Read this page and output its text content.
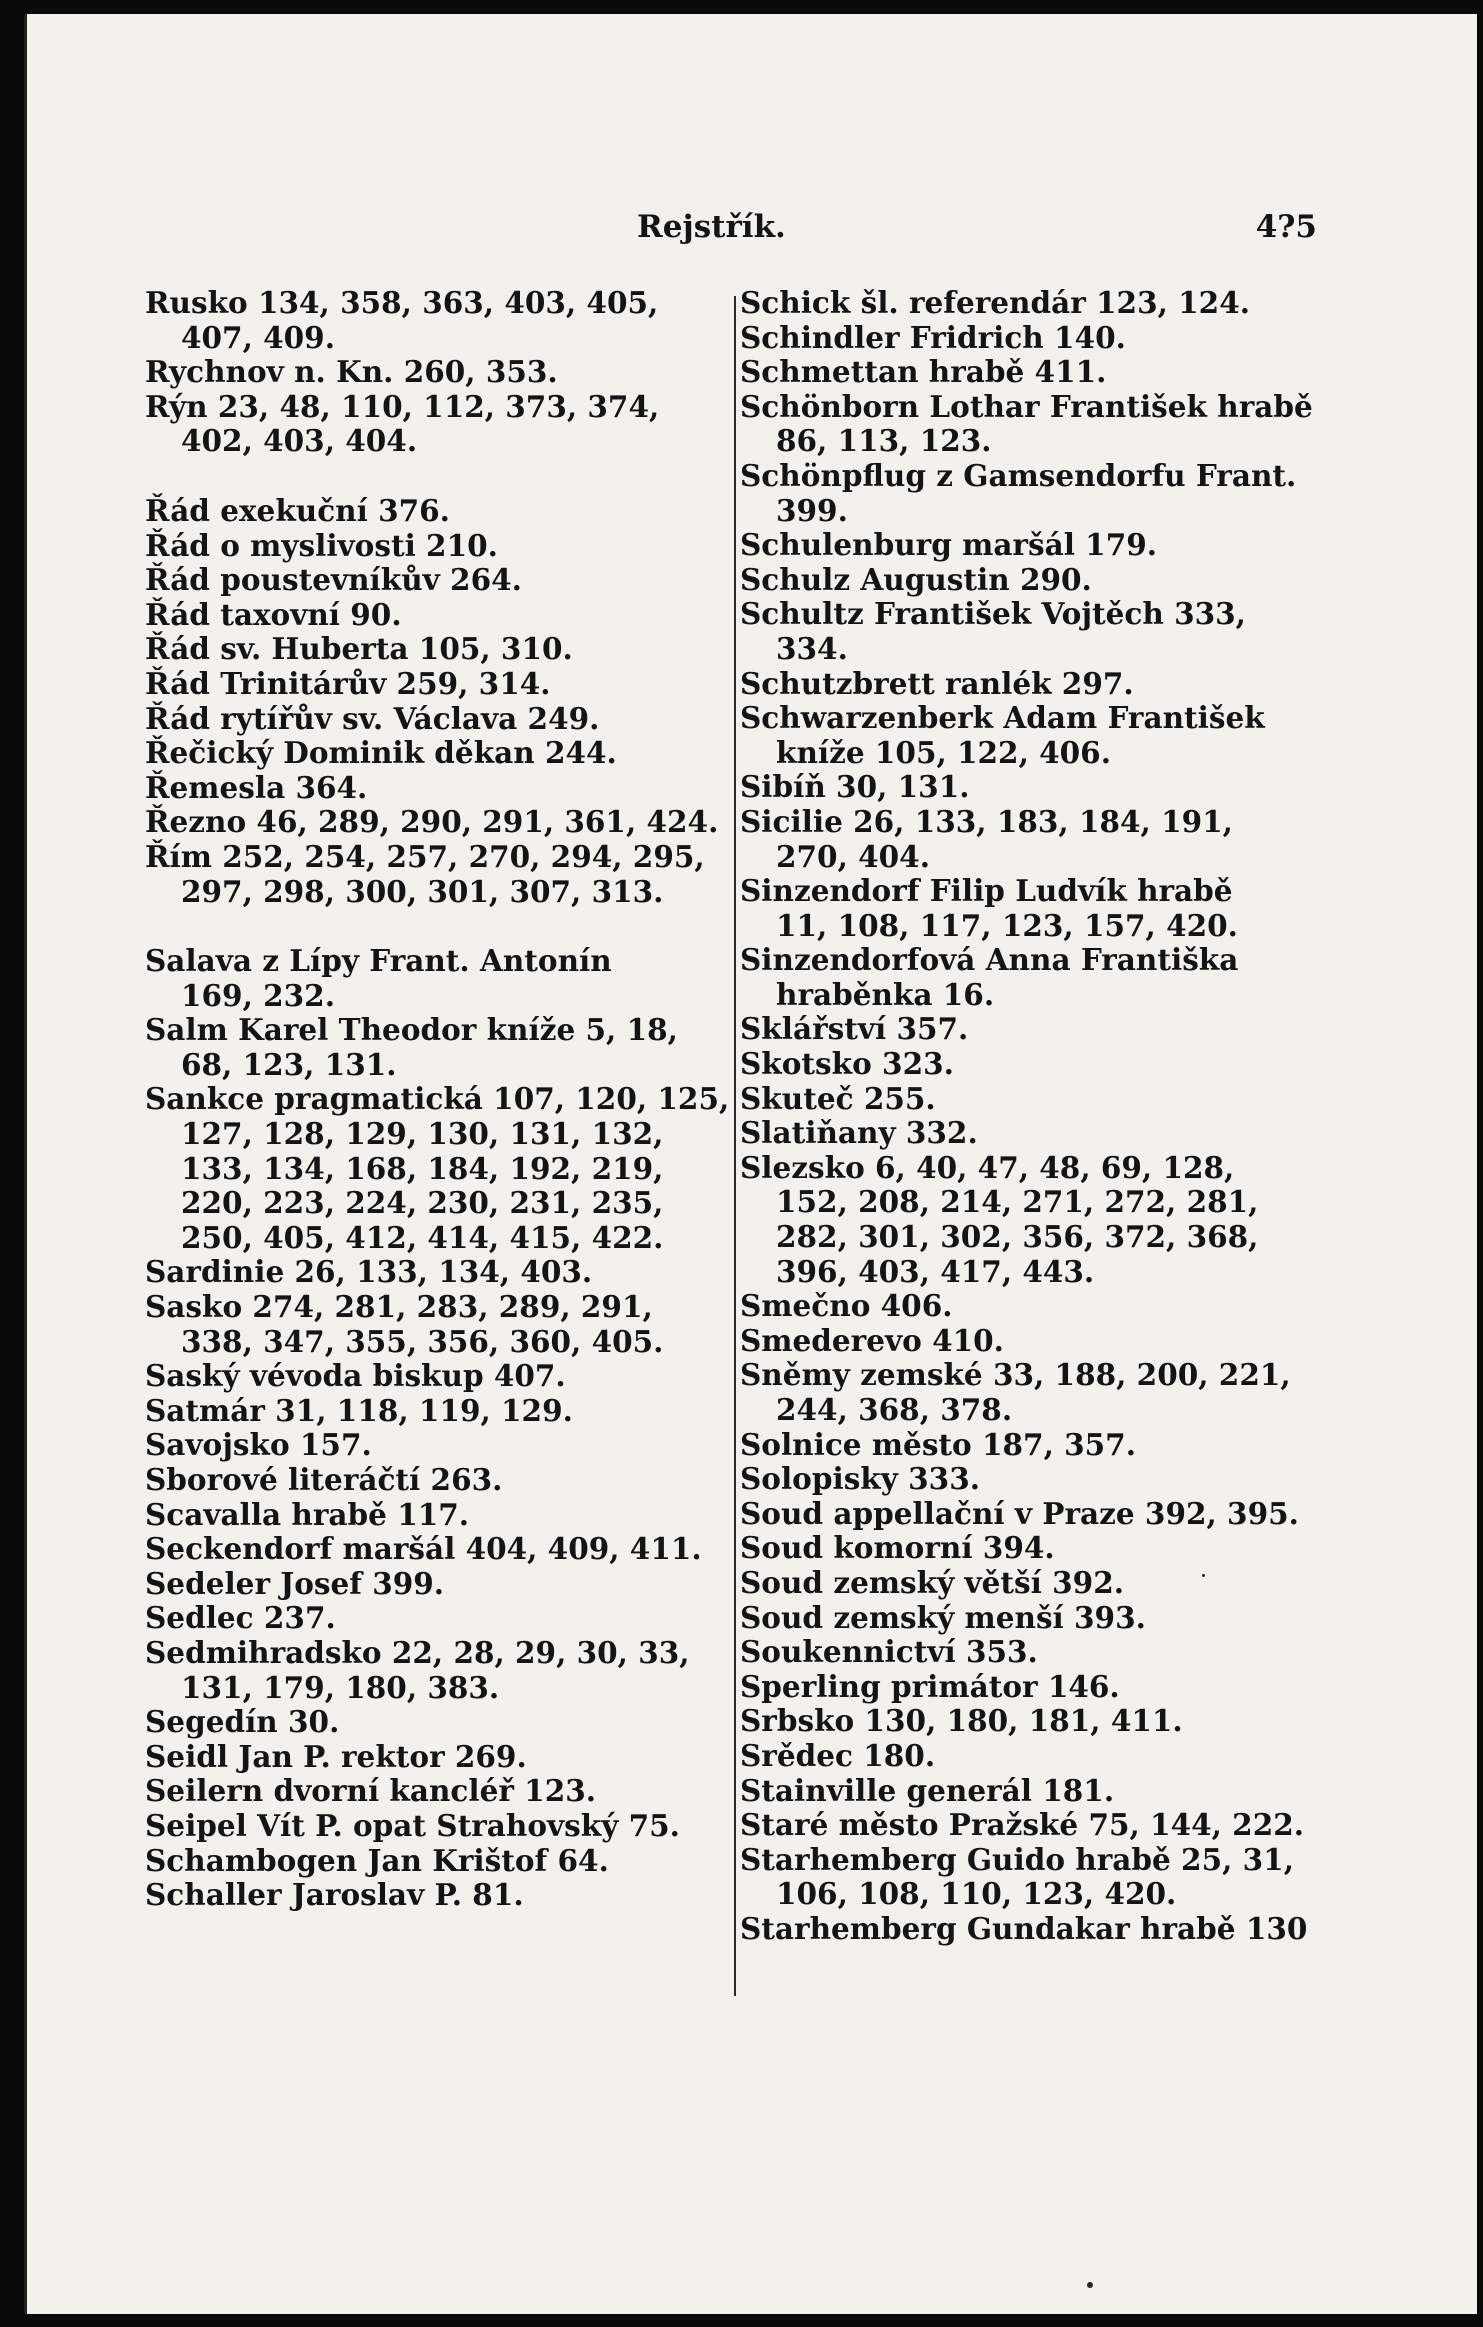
Rejstřík.	4?5
Rusko 134, 358, 363, 403, 405,
407, 409.
Rychnov n. Kn. 260, 353.
Rýn 23, 48, 110, 112, 373, 374,
402, 403, 404.
Řád exekuční 376.
Řád o myslivosti 210.
Řád poustevníkův 264.
Řád taxovní 90.
Řád sv. Huberta 105, 310.
Řád Trinitárův 259, 314.
Řád rytířův sv. Václava 249.
Řečický Dominik děkan 244.
Řemesla 364.
Řezno 46, 289, 290, 291, 361, 424.
Řím 252, 254, 257, 270, 294, 295,
297, 298, 300, 301, 307, 313.
Salava z Lípy Frant. Antonín
169, 232.
Salm Karel Theodor kníže 5, 18,
68, 123, 131.
Sankce pragmatická 107, 120, 125,
127, 128, 129, 130, 131, 132,
133, 134, 168, 184, 192, 219,
220, 223, 224, 230, 231, 235,
250, 405, 412, 414, 415, 422.
Sardinie 26, 133, 134, 403.
Sasko 274, 281, 283, 289, 291,
338, 347, 355, 356, 360, 405.
Saský vévoda biskup 407.
Satmár 31, 118, 119, 129.
Savojsko 157.
Sborové literáčtí 263.
Scavalla hrabě 117.
Seckendorf maršál 404, 409, 411.
Sedeler Josef 399.
Sedlec 237.
Sedmihradsko 22, 28, 29, 30, 33,
131, 179, 180, 383.
Segedín 30.
Seidl Jan P. rektor 269.
Seilern dvorní kancléř 123.
Seipel Vít P. opat Strahovský 75.
Schambogen Jan Krištof 64.
Schaller Jaroslav P. 81.
Schick šl. referendár 123, 124.
Schindler Fridrich 140.
Schmettan hrabě 411.
Schönborn Lothar František hrabě
86, 113, 123.
Schönpflug z Gamsendorfu Frant.
399.
Schulenburg maršál 179.
Schulz Augustin 290.
Schultz František Vojtěch 333,
334.
Schutzbrett ranlék 297.
Schwarzenberk Adam František
kníže 105, 122, 406.
Sibíň 30, 131.
Sicilie 26, 133, 183, 184, 191,
270, 404.
Sinzendorf Filip Ludvík hrabě
11, 108, 117, 123, 157, 420.
Sinzendorfová Anna Františka
hraběnka 16.
Sklářství 357.
Skotsko 323.
Skuteč 255.
Slatiňany 332.
Slezsko 6, 40, 47, 48, 69, 128,
152, 208, 214, 271, 272, 281,
282, 301, 302, 356, 372, 368,
396, 403, 417, 443.
Smečno 406.
Smederevo 410.
Sněmy zemské 33, 188, 200, 221,
244, 368, 378.
Solnice město 187, 357.
Solopisky 333.
Soud appellační v Praze 392, 395.
Soud komorní 394.
Soud zemský větší 392.
Soud zemský menší 393.
Soukennictví 353.
Sperling primátor 146.
Srbsko 130, 180, 181, 411.
Srědec 180.
Stainville generál 181.
Staré město Pražské 75, 144, 222.
Starhemberg Guido hrabě 25, 31,
106, 108, 110, 123, 420.
Starhemberg Gundakar hrabě 130
